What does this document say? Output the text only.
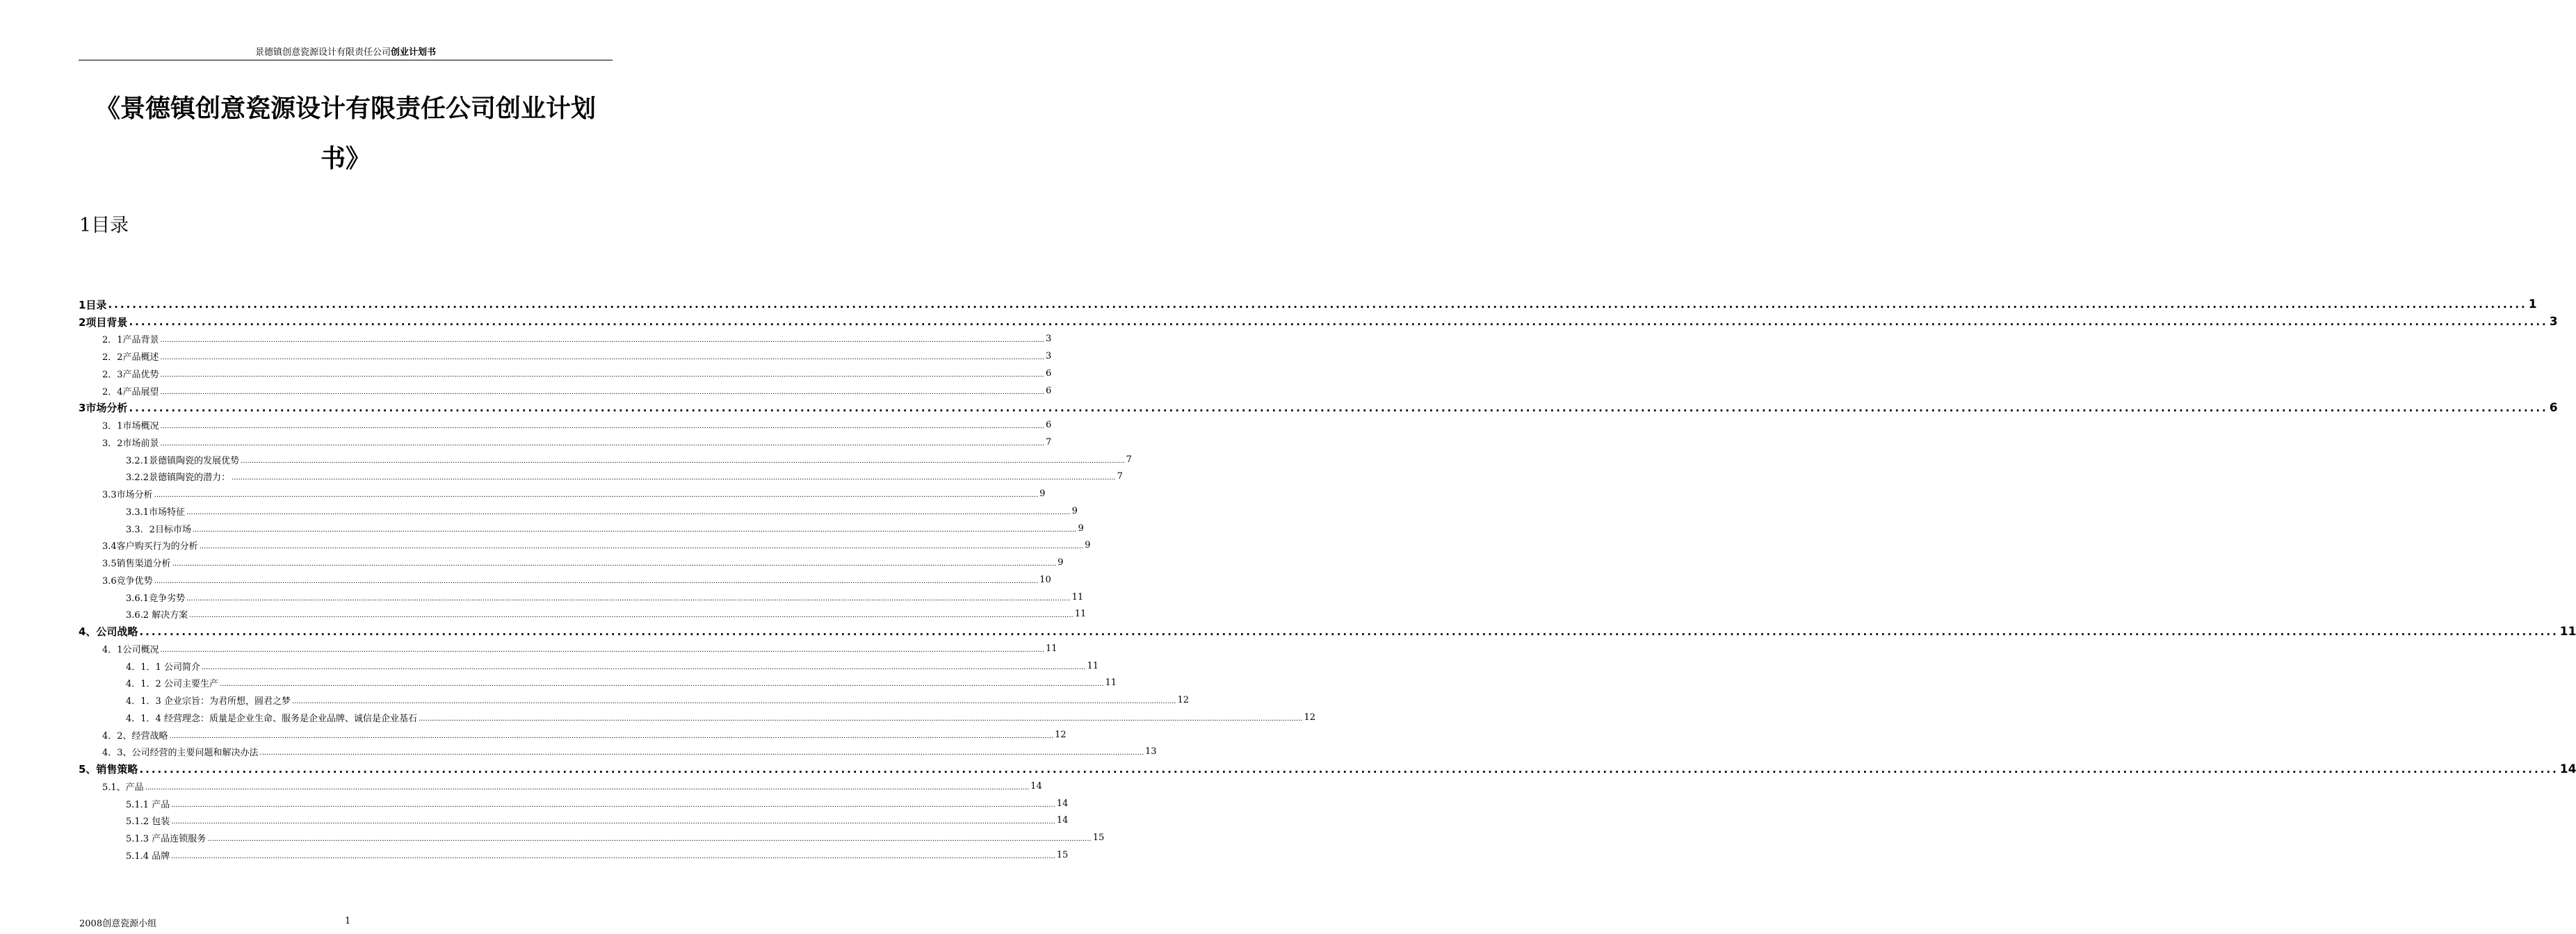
景德镇创意瓷源设计有限责任公司创业计划书
《景德镇创意瓷源设计有限责任公司创业计划
书》
1目录
1目录 ................................................................................................................................................................................................................................................................................................................................................................................................................ 1
2项目背景 ................................................................................................................................................................................................................................................................................................................................................................................................................ 3
2．1产品背景 ................................................................................................................................................................................................................................................................................................................................................................................................................ 3
2．2产品概述 ................................................................................................................................................................................................................................................................................................................................................................................................................ 3
2．3产品优势 ................................................................................................................................................................................................................................................................................................................................................................................................................ 6
2．4产品展望 ................................................................................................................................................................................................................................................................................................................................................................................................................ 6
3市场分析 ................................................................................................................................................................................................................................................................................................................................................................................................................ 6
3．1市场概况 ................................................................................................................................................................................................................................................................................................................................................................................................................ 6
3．2市场前景 ................................................................................................................................................................................................................................................................................................................................................................................................................ 7
3.2.1景德镇陶瓷的发展优势 ................................................................................................................................................................................................................................................................................................................................................................................................................ 7
3.2.2景德镇陶瓷的潜力： ................................................................................................................................................................................................................................................................................................................................................................................................................ 7
3.3市场分析 ................................................................................................................................................................................................................................................................................................................................................................................................................ 9
3.3.1市场特征 ................................................................................................................................................................................................................................................................................................................................................................................................................ 9
3.3．2目标市场 ................................................................................................................................................................................................................................................................................................................................................................................................................ 9
3.4客户购买行为的分析 ................................................................................................................................................................................................................................................................................................................................................................................................................ 9
3.5销售渠道分析 ................................................................................................................................................................................................................................................................................................................................................................................................................ 9
3.6竞争优势 ................................................................................................................................................................................................................................................................................................................................................................................................................ 10
3.6.1竞争劣势 ................................................................................................................................................................................................................................................................................................................................................................................................................ 11
3.6.2 解决方案 ................................................................................................................................................................................................................................................................................................................................................................................................................ 11
4、公司战略 ................................................................................................................................................................................................................................................................................................................................................................................................................ 11
4．1公司概况 ................................................................................................................................................................................................................................................................................................................................................................................................................ 11
4．1．1 公司简介 ................................................................................................................................................................................................................................................................................................................................................................................................................ 11
4．1．2 公司主要生产 ................................................................................................................................................................................................................................................................................................................................................................................................................ 11
4．1．3 企业宗旨：为君所想，圆君之梦 ................................................................................................................................................................................................................................................................................................................................................................................................................ 12
4．1．4 经营理念：质量是企业生命、服务是企业品牌、诚信是企业基石 ................................................................................................................................................................................................................................................................................................................................................................................................................ 12
4．2、经营战略 ................................................................................................................................................................................................................................................................................................................................................................................................................ 12
4．3、公司经营的主要问题和解决办法 ................................................................................................................................................................................................................................................................................................................................................................................................................ 13
5、销售策略 ................................................................................................................................................................................................................................................................................................................................................................................................................ 14
5.1、产品 ................................................................................................................................................................................................................................................................................................................................................................................................................ 14
5.1.1 产品 ................................................................................................................................................................................................................................................................................................................................................................................................................ 14
5.1.2 包装 ................................................................................................................................................................................................................................................................................................................................................................................................................ 14
5.1.3 产品连锁服务 ................................................................................................................................................................................................................................................................................................................................................................................................................ 15
5.1.4 品牌 ................................................................................................................................................................................................................................................................................................................................................................................................................ 15
2008创意瓷源小组	1
